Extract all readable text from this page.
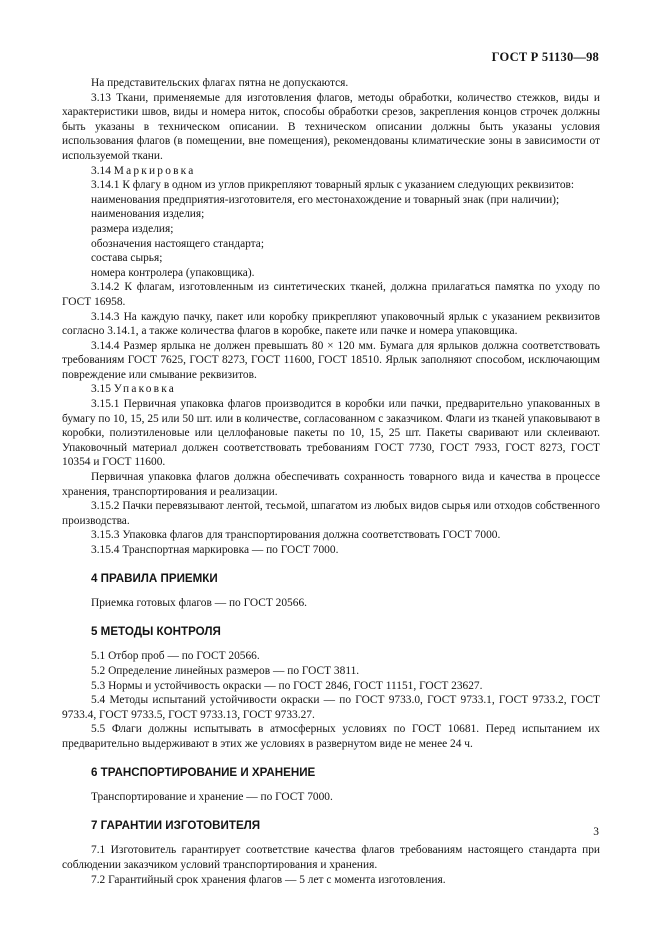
ГОСТ Р 51130—98

На представительских флагах пятна не допускаются.

3.13 Ткани, применяемые для изготовления флагов, методы обработки, количество стежков, виды и характеристики швов, виды и номера ниток, способы обработки срезов, закрепления концов строчек должны быть указаны в техническом описании. В техническом описании должны быть указаны условия использования флагов (в помещении, вне помещения), рекомендованы климатические зоны в зависимости от используемой ткани.

3.14 Маркировка

3.14.1 К флагу в одном из углов прикрепляют товарный ярлык с указанием следующих реквизитов:

наименования предприятия-изготовителя, его местонахождение и товарный знак (при наличии);

наименования изделия;

размера изделия;

обозначения настоящего стандарта;

состава сырья;

номера контролера (упаковщика).

3.14.2 К флагам, изготовленным из синтетических тканей, должна прилагаться памятка по уходу по ГОСТ 16958.

3.14.3 На каждую пачку, пакет или коробку прикрепляют упаковочный ярлык с указанием реквизитов согласно 3.14.1, а также количества флагов в коробке, пакете или пачке и номера упаковщика.

3.14.4 Размер ярлыка не должен превышать 80 × 120 мм. Бумага для ярлыков должна соответствовать требованиям ГОСТ 7625, ГОСТ 8273, ГОСТ 11600, ГОСТ 18510. Ярлык заполняют способом, исключающим повреждение или смывание реквизитов.

3.15 Упаковка

3.15.1 Первичная упаковка флагов производится в коробки или пачки, предварительно упакованных в бумагу по 10, 15, 25 или 50 шт. или в количестве, согласованном с заказчиком. Флаги из тканей упаковывают в коробки, полиэтиленовые или целлофановые пакеты по 10, 15, 25 шт. Пакеты сваривают или склеивают. Упаковочный материал должен соответствовать требованиям ГОСТ 7730, ГОСТ 7933, ГОСТ 8273, ГОСТ 10354 и ГОСТ 11600.

Первичная упаковка флагов должна обеспечивать сохранность товарного вида и качества в процессе хранения, транспортирования и реализации.

3.15.2 Пачки перевязывают лентой, тесьмой, шпагатом из любых видов сырья или отходов собственного производства.

3.15.3 Упаковка флагов для транспортирования должна соответствовать ГОСТ 7000.

3.15.4 Транспортная маркировка — по ГОСТ 7000.

4 ПРАВИЛА ПРИЕМКИ

Приемка готовых флагов — по ГОСТ 20566.

5 МЕТОДЫ КОНТРОЛЯ

5.1 Отбор проб — по ГОСТ 20566.

5.2 Определение линейных размеров — по ГОСТ 3811.

5.3 Нормы и устойчивость окраски — по ГОСТ 2846, ГОСТ 11151, ГОСТ 23627.

5.4 Методы испытаний устойчивости окраски — по ГОСТ 9733.0, ГОСТ 9733.1, ГОСТ 9733.2, ГОСТ 9733.4, ГОСТ 9733.5, ГОСТ 9733.13, ГОСТ 9733.27.

5.5 Флаги должны испытывать в атмосферных условиях по ГОСТ 10681. Перед испытанием их предварительно выдерживают в этих же условиях в развернутом виде не менее 24 ч.

6 ТРАНСПОРТИРОВАНИЕ И ХРАНЕНИЕ

Транспортирование и хранение — по ГОСТ 7000.

7 ГАРАНТИИ ИЗГОТОВИТЕЛЯ

7.1 Изготовитель гарантирует соответствие качества флагов требованиям настоящего стандарта при соблюдении заказчиком условий транспортирования и хранения.

7.2 Гарантийный срок хранения флагов — 5 лет с момента изготовления.

3
